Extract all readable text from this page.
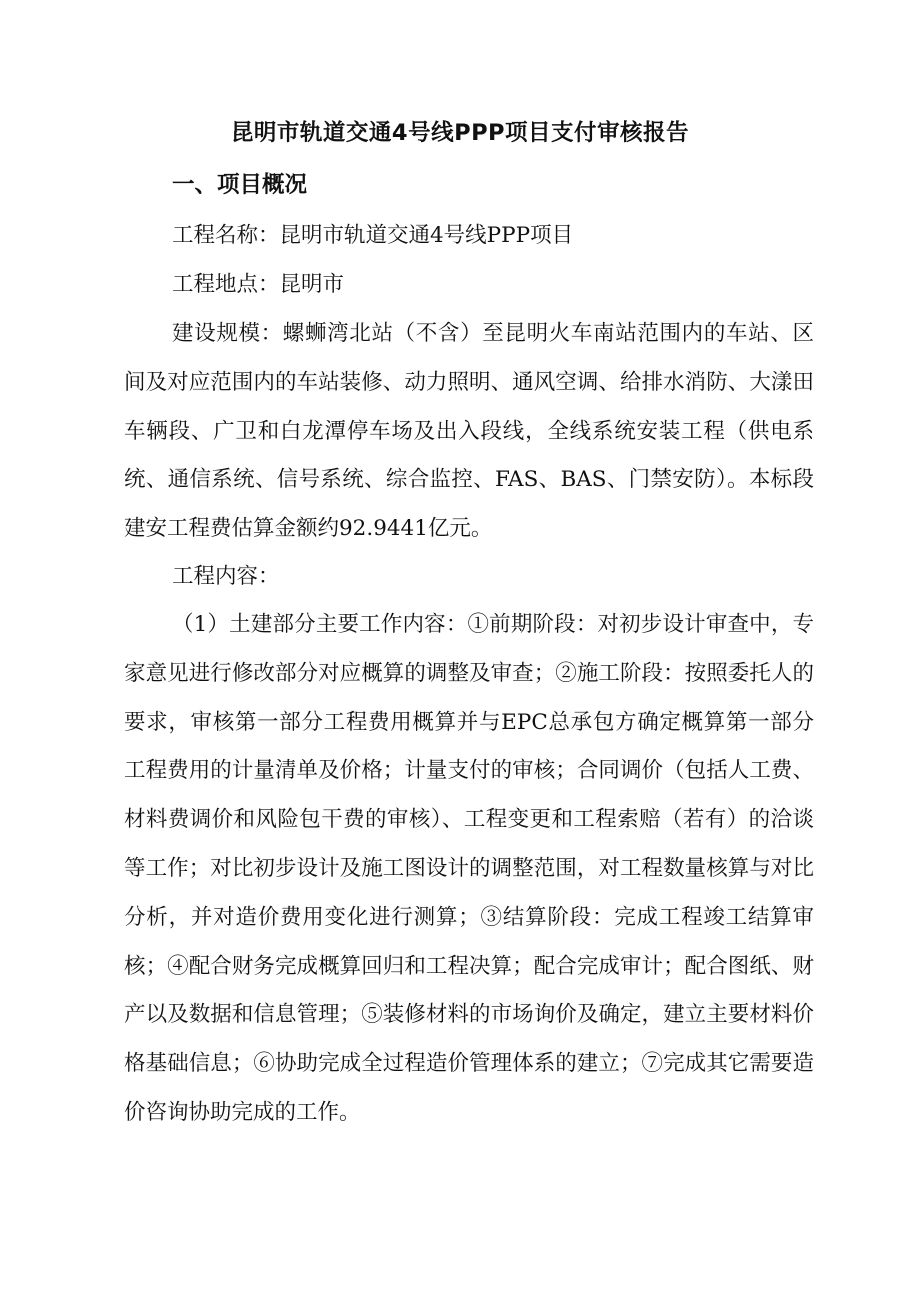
昆明市轨道交通4号线PPP项目支付审核报告
一、项目概况

工程名称：昆明市轨道交通4号线PPP项目

工程地点：昆明市

建设规模：螺蛳湾北站（不含）至昆明火车南站范围内的车站、区间及对应范围内的车站装修、动力照明、通风空调、给排水消防、大漾田车辆段、广卫和白龙潭停车场及出入段线，全线系统安装工程（供电系统、通信系统、信号系统、综合监控、FAS、BAS、门禁安防）。本标段建安工程费估算金额约92.9441亿元。

工程内容：

（1）土建部分主要工作内容：①前期阶段：对初步设计审查中，专家意见进行修改部分对应概算的调整及审查；②施工阶段：按照委托人的要求，审核第一部分工程费用概算并与EPC总承包方确定概算第一部分工程费用的计量清单及价格；计量支付的审核；合同调价（包括人工费、材料费调价和风险包干费的审核）、工程变更和工程索赔（若有）的洽谈等工作；对比初步设计及施工图设计的调整范围，对工程数量核算与对比分析，并对造价费用变化进行测算；③结算阶段：完成工程竣工结算审核；④配合财务完成概算回归和工程决算；配合完成审计；配合图纸、财产以及数据和信息管理；⑤装修材料的市场询价及确定，建立主要材料价格基础信息；⑥协助完成全过程造价管理体系的建立；⑦完成其它需要造价咨询协助完成的工作。
